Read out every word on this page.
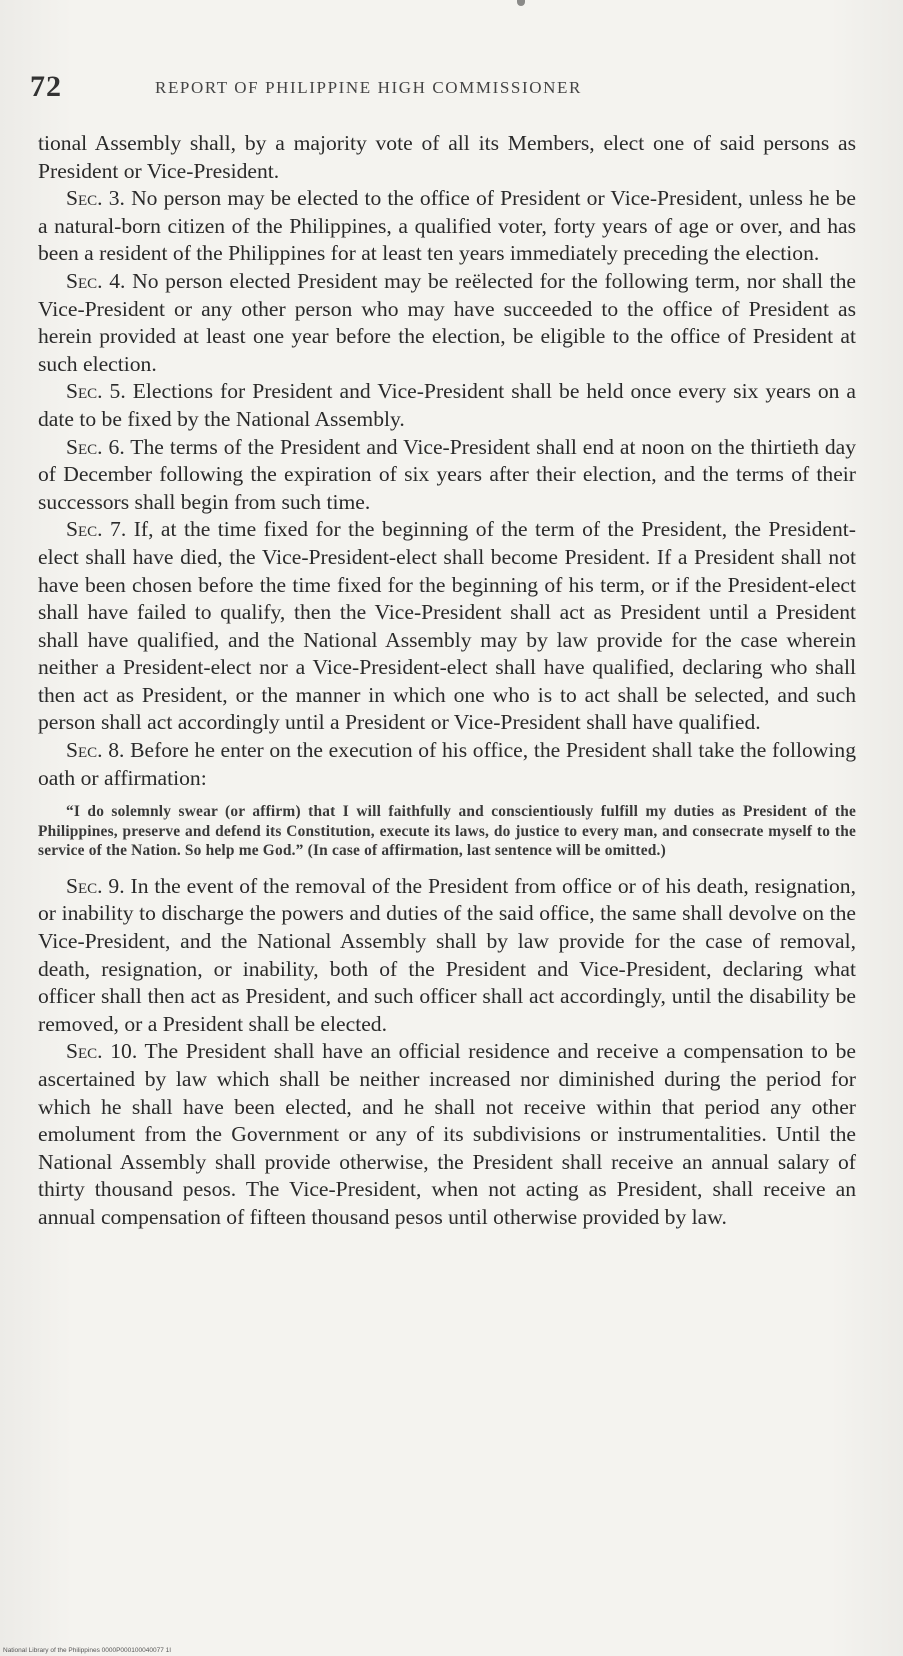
72	REPORT OF PHILIPPINE HIGH COMMISSIONER

tional Assembly shall, by a majority vote of all its Members, elect one of said persons as President or Vice-President.

Sec. 3. No person may be elected to the office of President or Vice-President, unless he be a natural-born citizen of the Philippines, a qualified voter, forty years of age or over, and has been a resident of the Philippines for at least ten years immediately preceding the election.

Sec. 4. No person elected President may be reëlected for the following term, nor shall the Vice-President or any other person who may have succeeded to the office of President as herein provided at least one year before the election, be eligible to the office of President at such election.

Sec. 5. Elections for President and Vice-President shall be held once every six years on a date to be fixed by the National Assembly.

Sec. 6. The terms of the President and Vice-President shall end at noon on the thirtieth day of December following the expiration of six years after their election, and the terms of their successors shall begin from such time.

Sec. 7. If, at the time fixed for the beginning of the term of the President, the President-elect shall have died, the Vice-President-elect shall become President. If a President shall not have been chosen before the time fixed for the beginning of his term, or if the President-elect shall have failed to qualify, then the Vice-President shall act as President until a President shall have qualified, and the National Assembly may by law provide for the case wherein neither a President-elect nor a Vice-President-elect shall have qualified, declaring who shall then act as President, or the manner in which one who is to act shall be selected, and such person shall act accordingly until a President or Vice-President shall have qualified.

Sec. 8. Before he enter on the execution of his office, the President shall take the following oath or affirmation:

“I do solemnly swear (or affirm) that I will faithfully and conscientiously fulfill my duties as President of the Philippines, preserve and defend its Constitution, execute its laws, do justice to every man, and consecrate myself to the service of the Nation. So help me God.” (In case of affirmation, last sentence will be omitted.)

Sec. 9. In the event of the removal of the President from office or of his death, resignation, or inability to discharge the powers and duties of the said office, the same shall devolve on the Vice-President, and the National Assembly shall by law provide for the case of removal, death, resignation, or inability, both of the President and Vice-President, declaring what officer shall then act as President, and such officer shall act accordingly, until the disability be removed, or a President shall be elected.

Sec. 10. The President shall have an official residence and receive a compensation to be ascertained by law which shall be neither increased nor diminished during the period for which he shall have been elected, and he shall not receive within that period any other emolument from the Government or any of its subdivisions or instrumentalities. Until the National Assembly shall provide otherwise, the President shall receive an annual salary of thirty thousand pesos. The Vice-President, when not acting as President, shall receive an annual compensation of fifteen thousand pesos until otherwise provided by law.

National Library of the Philippines 0000P000100040077 1I
